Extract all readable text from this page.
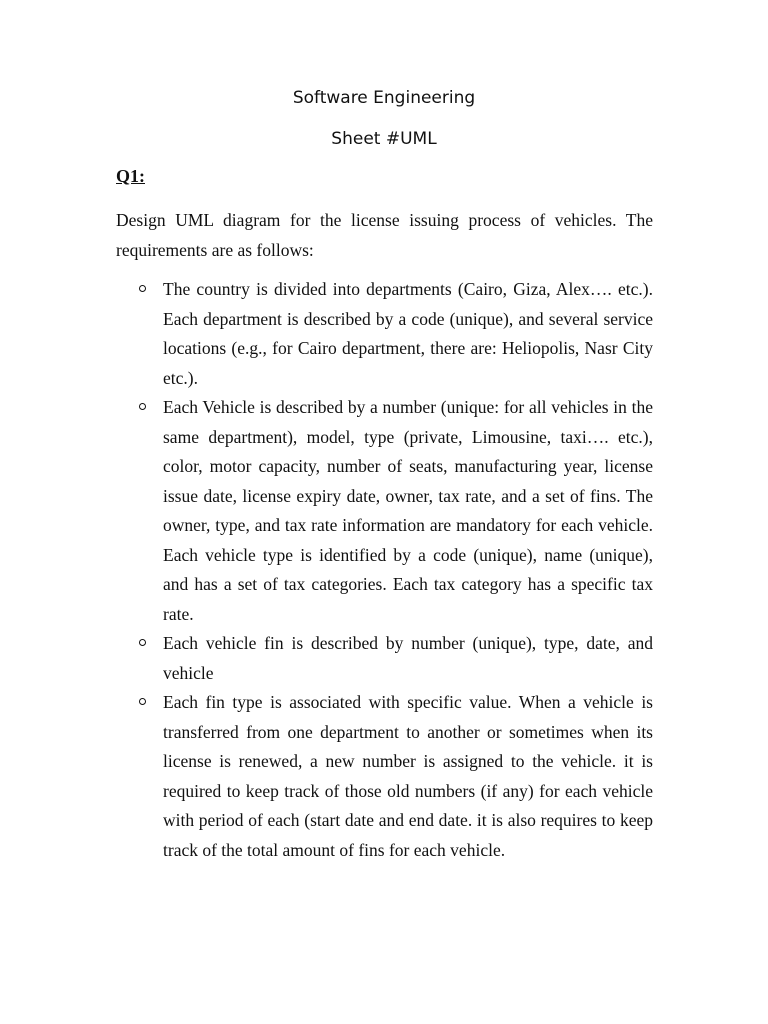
Software Engineering
Sheet #UML
Q1:
Design UML diagram for the license issuing process of vehicles. The requirements are as follows:
The country is divided into departments (Cairo, Giza, Alex…. etc.). Each department is described by a code (unique), and several service locations (e.g., for Cairo department, there are: Heliopolis, Nasr City etc.).
Each Vehicle is described by a number (unique: for all vehicles in the same department), model, type (private, Limousine, taxi…. etc.), color, motor capacity, number of seats, manufacturing year, license issue date, license expiry date, owner, tax rate, and a set of fins. The owner, type, and tax rate information are mandatory for each vehicle. Each vehicle type is identified by a code (unique), name (unique), and has a set of tax categories. Each tax category has a specific tax rate.
Each vehicle fin is described by number (unique), type, date, and vehicle
Each fin type is associated with specific value. When a vehicle is transferred from one department to another or sometimes when its license is renewed, a new number is assigned to the vehicle. it is required to keep track of those old numbers (if any) for each vehicle with period of each (start date and end date. it is also requires to keep track of the total amount of fins for each vehicle.
